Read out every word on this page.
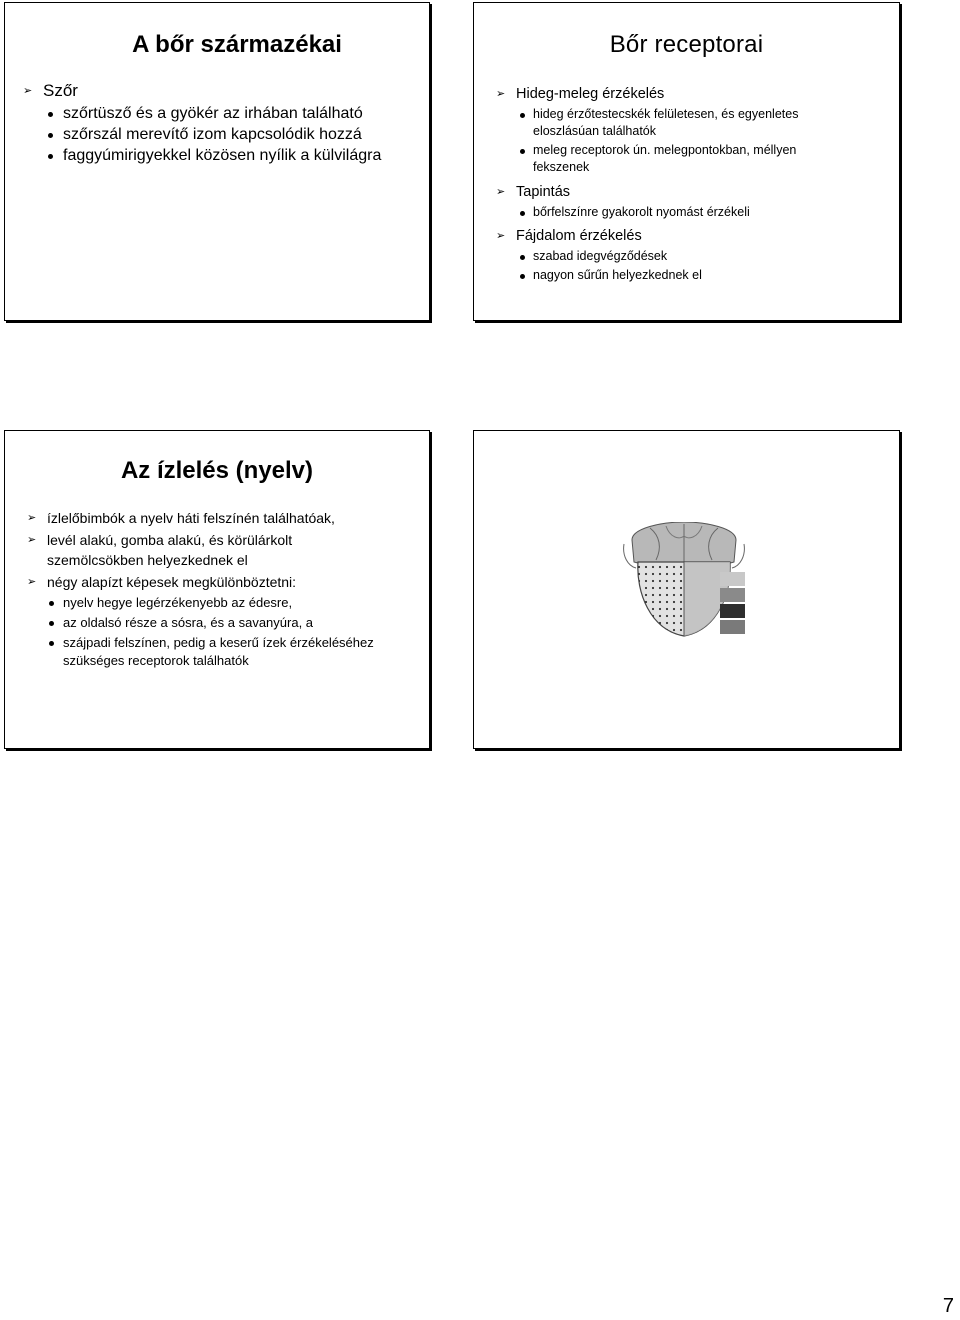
A bőr származékai
➢ Szőr
szőrtüsző és a gyökér az irhában található
szőrszál merevítő izom kapcsolódik hozzá
faggyúmirigyekkel közösen nyílik a külvilágra
Bőr receptorai
➢ Hideg-meleg érzékelés
hideg érzőtestecskék felületesen, és egyenletes eloszlásúan találhatók
meleg receptorok ún. melegpontokban, méllyen fekszenek
➢ Tapintás
bőrfelszínre gyakorolt nyomást érzékeli
➢ Fájdalom érzékelés
szabad idegvégződések
nagyon sűrűn helyezkednek el
Az ízlelés (nyelv)
➢ ízlelőbimbók a nyelv háti felszínén találhatóak,
➢ levél alakú, gomba alakú, és körülárkolt szemölcsökben helyezkednek el
➢ négy alapízt képesek megkülönböztetni:
nyelv hegye legérzékenyebb az édesre,
az oldalsó része a sósra, és a savanyúra, a
szájpadi felszínen, pedig a keserű ízek érzékeléséhez szükséges receptorok találhatók
7
